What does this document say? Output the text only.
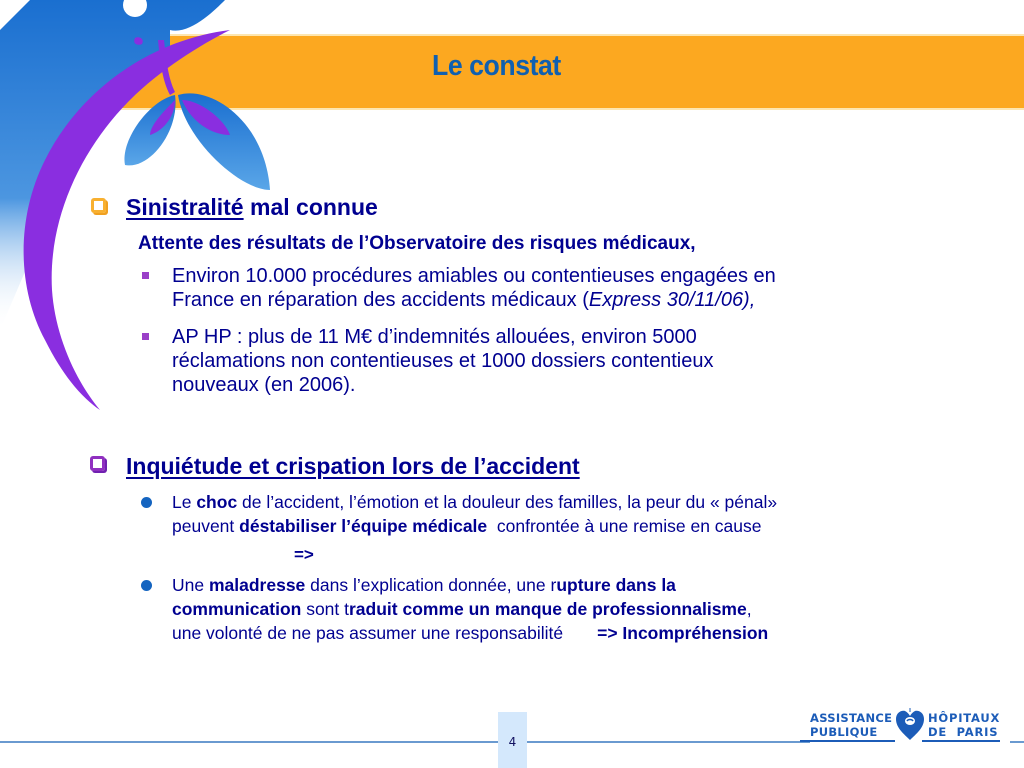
Le constat
Sinistralité mal connue
Attente des résultats de l’Observatoire des risques médicaux,
Environ 10.000 procédures amiables ou contentieuses engagées en
France en réparation des accidents médicaux (Express 30/11/06),
AP HP : plus de 11 M€ d’indemnités allouées, environ 5000
réclamations non contentieuses et 1000 dossiers contentieux
nouveaux (en 2006).
Inquiétude et crispation lors de l’accident
Le choc de l’accident, l’émotion et la douleur des familles, la peur du « pénal»
peuvent déstabiliser l’équipe médicale  confrontée à une remise en cause
=>
Une maladresse dans l’explication donnée, une rupture dans la
communication sont traduit comme un manque de professionnalisme,
une volonté de ne pas assumer une responsabilité => Incompréhension
4
ASSISTANCE
PUBLIQUE
HÔPITAUX
DE  PARIS
